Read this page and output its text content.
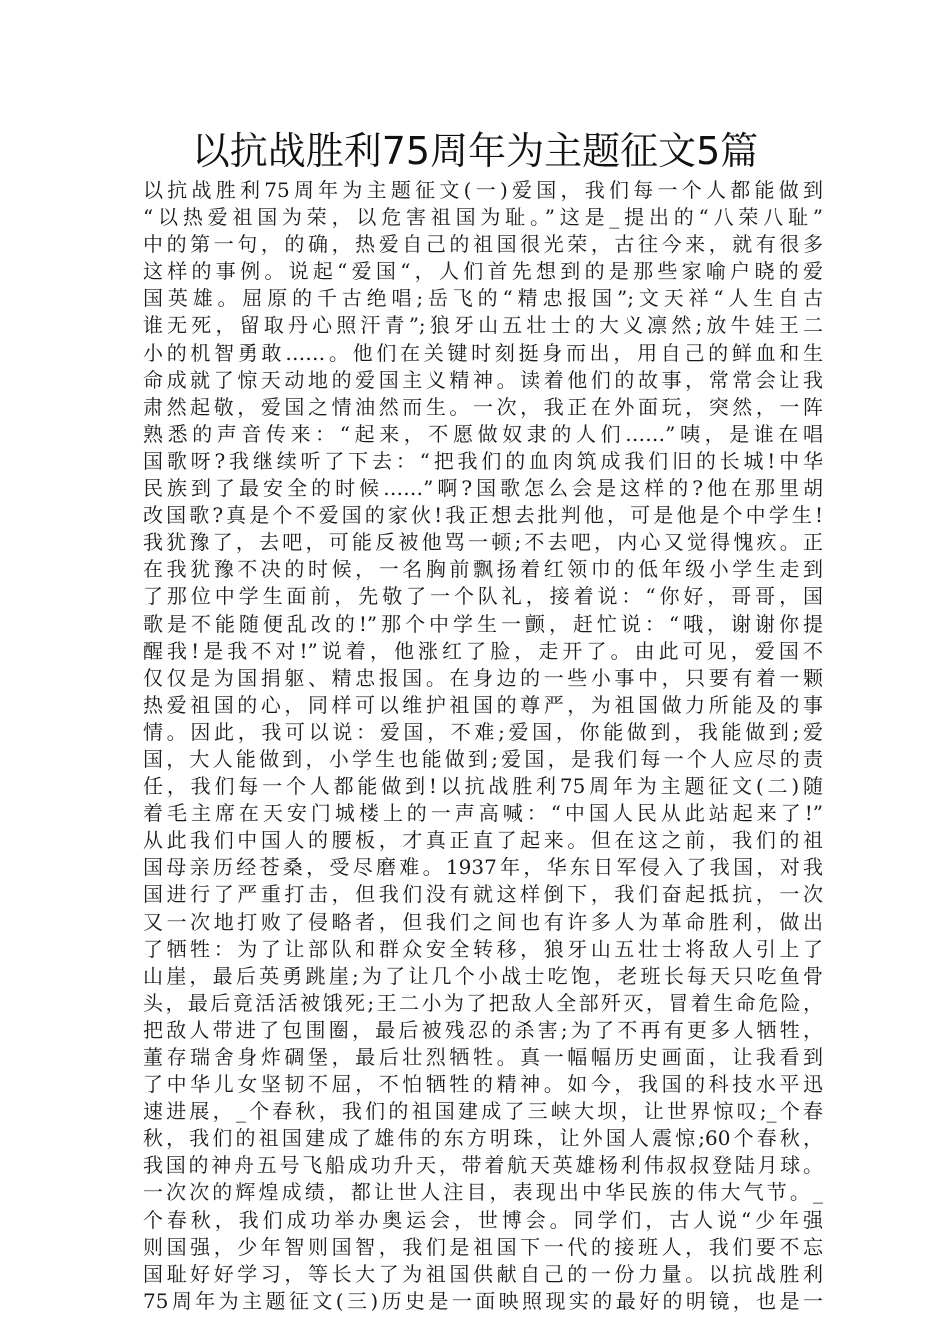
以抗战胜利75周年为主题征文5篇
以抗战胜利75周年为主题征文(一)爱国，我们每一个人都能做到
“以热爱祖国为荣，以危害祖国为耻。”这是_提出的“八荣八耻”
中的第一句，的确，热爱自己的祖国很光荣，古往今来，就有很多
这样的事例。说起“爱国“，人们首先想到的是那些家喻户晓的爱
国英雄。屈原的千古绝唱;岳飞的“精忠报国”;文天祥“人生自古
谁无死，留取丹心照汗青”;狼牙山五壮士的大义凛然;放牛娃王二
小的机智勇敢……。他们在关键时刻挺身而出，用自己的鲜血和生
命成就了惊天动地的爱国主义精神。读着他们的故事，常常会让我
肃然起敬，爱国之情油然而生。一次，我正在外面玩，突然，一阵
熟悉的声音传来：“起来，不愿做奴隶的人们……”咦，是谁在唱
国歌呀?我继续听了下去：“把我们的血肉筑成我们旧的长城!中华
民族到了最安全的时候……”啊?国歌怎么会是这样的?他在那里胡
改国歌?真是个不爱国的家伙!我正想去批判他，可是他是个中学生!
我犹豫了，去吧，可能反被他骂一顿;不去吧，内心又觉得愧疚。正
在我犹豫不决的时候，一名胸前飘扬着红领巾的低年级小学生走到
了那位中学生面前，先敬了一个队礼，接着说：“你好，哥哥，国
歌是不能随便乱改的!”那个中学生一颤，赶忙说：“哦，谢谢你提
醒我!是我不对!”说着，他涨红了脸，走开了。由此可见，爱国不
仅仅是为国捐躯、精忠报国。在身边的一些小事中，只要有着一颗
热爱祖国的心，同样可以维护祖国的尊严，为祖国做力所能及的事
情。因此，我可以说：爱国，不难;爱国，你能做到，我能做到;爱
国，大人能做到，小学生也能做到;爱国，是我们每一个人应尽的责
任，我们每一个人都能做到!以抗战胜利75周年为主题征文(二)随
着毛主席在天安门城楼上的一声高喊：“中国人民从此站起来了!”
从此我们中国人的腰板，才真正直了起来。但在这之前，我们的祖
国母亲历经苍桑，受尽磨难。1937年，华东日军侵入了我国，对我
国进行了严重打击，但我们没有就这样倒下，我们奋起抵抗，一次
又一次地打败了侵略者，但我们之间也有许多人为革命胜利，做出
了牺牲：为了让部队和群众安全转移，狼牙山五壮士将敌人引上了
山崖，最后英勇跳崖;为了让几个小战士吃饱，老班长每天只吃鱼骨
头，最后竟活活被饿死;王二小为了把敌人全部歼灭，冒着生命危险，
把敌人带进了包围圈，最后被残忍的杀害;为了不再有更多人牺牲，
董存瑞舍身炸碉堡，最后壮烈牺牲。真一幅幅历史画面，让我看到
了中华儿女坚韧不屈，不怕牺牲的精神。如今，我国的科技水平迅
速进展，_个春秋，我们的祖国建成了三峡大坝，让世界惊叹;_个春
秋，我们的祖国建成了雄伟的东方明珠，让外国人震惊;60个春秋，
我国的神舟五号飞船成功升天，带着航天英雄杨利伟叔叔登陆月球。
一次次的辉煌成绩，都让世人注目，表现出中华民族的伟大气节。_
个春秋，我们成功举办奥运会，世博会。同学们，古人说“少年强
则国强，少年智则国智，我们是祖国下一代的接班人，我们要不忘
国耻好好学习，等长大了为祖国供献自己的一份力量。以抗战胜利
75周年为主题征文(三)历史是一面映照现实的最好的明镜，也是一
